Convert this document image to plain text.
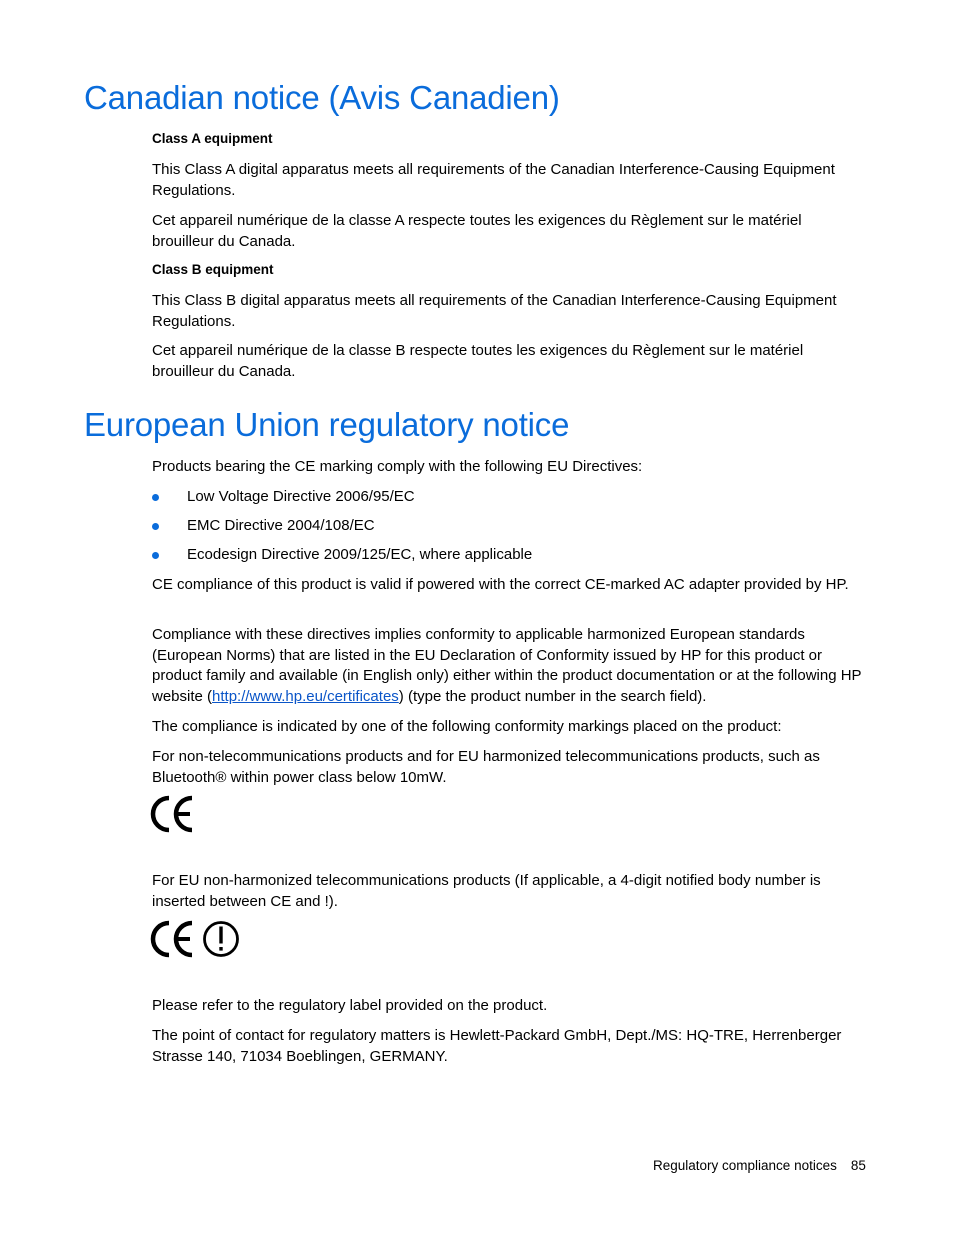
Canadian notice (Avis Canadien)

Class A equipment

This Class A digital apparatus meets all requirements of the Canadian Interference-Causing Equipment Regulations.

Cet appareil numérique de la classe A respecte toutes les exigences du Règlement sur le matériel brouilleur du Canada.

Class B equipment

This Class B digital apparatus meets all requirements of the Canadian Interference-Causing Equipment Regulations.

Cet appareil numérique de la classe B respecte toutes les exigences du Règlement sur le matériel brouilleur du Canada.

European Union regulatory notice

Products bearing the CE marking comply with the following EU Directives:

Low Voltage Directive 2006/95/EC
EMC Directive 2004/108/EC
Ecodesign Directive 2009/125/EC, where applicable

CE compliance of this product is valid if powered with the correct CE-marked AC adapter provided by HP.

Compliance with these directives implies conformity to applicable harmonized European standards (European Norms) that are listed in the EU Declaration of Conformity issued by HP for this product or product family and available (in English only) either within the product documentation or at the following HP website (http://www.hp.eu/certificates) (type the product number in the search field).

The compliance is indicated by one of the following conformity markings placed on the product:

For non-telecommunications products and for EU harmonized telecommunications products, such as Bluetooth® within power class below 10mW.

For EU non-harmonized telecommunications products (If applicable, a 4-digit notified body number is inserted between CE and !).

Please refer to the regulatory label provided on the product.

The point of contact for regulatory matters is Hewlett-Packard GmbH, Dept./MS: HQ-TRE, Herrenberger Strasse 140, 71034 Boeblingen, GERMANY.

Regulatory compliance notices 85
